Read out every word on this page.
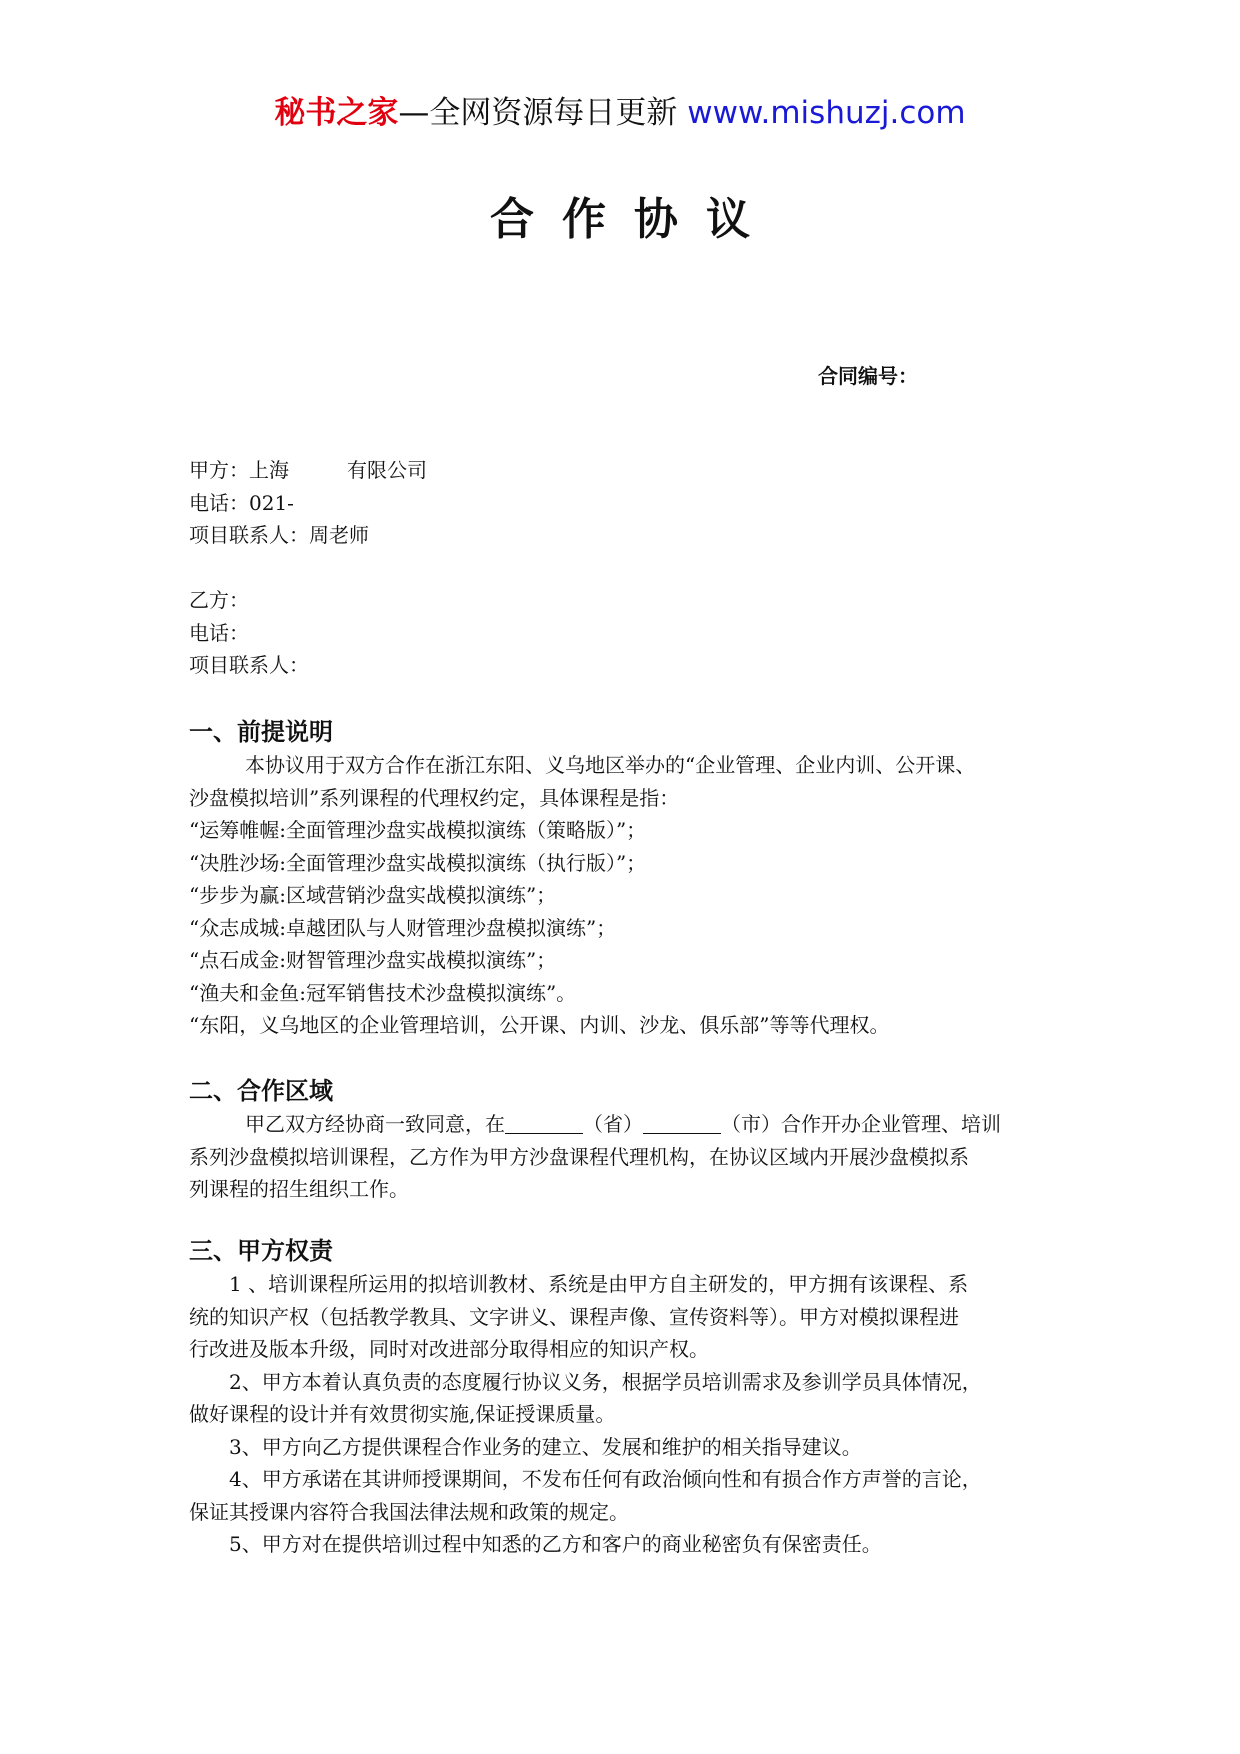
秘书之家—全网资源每日更新 www.mishuzj.com
合作协议
合同编号：
甲方：上海	有限公司
电话：021-
项目联系人：周老师
乙方：
电话：
项目联系人：
一、前提说明
本协议用于双方合作在浙江东阳、义乌地区举办的“企业管理、企业内训、公开课、
沙盘模拟培训”系列课程的代理权约定，具体课程是指：
“运筹帷幄:全面管理沙盘实战模拟演练（策略版）”；
“决胜沙场:全面管理沙盘实战模拟演练（执行版）”；
“步步为赢:区域营销沙盘实战模拟演练”；
“众志成城:卓越团队与人财管理沙盘模拟演练”；
“点石成金:财智管理沙盘实战模拟演练”；
“渔夫和金鱼:冠军销售技术沙盘模拟演练”。
“东阳，义乌地区的企业管理培训，公开课、内训、沙龙、俱乐部”等等代理权。
二、合作区域
甲乙双方经协商一致同意，在	（省）	（市）合作开办企业管理、培训
系列沙盘模拟培训课程，乙方作为甲方沙盘课程代理机构，在协议区域内开展沙盘模拟系
列课程的招生组织工作。
三、甲方权责
1 、培训课程所运用的拟培训教材、系统是由甲方自主研发的，甲方拥有该课程、系
统的知识产权（包括教学教具、文字讲义、课程声像、宣传资料等）。甲方对模拟课程进
行改进及版本升级，同时对改进部分取得相应的知识产权。
2、甲方本着认真负责的态度履行协议义务，根据学员培训需求及参训学员具体情况，
做好课程的设计并有效贯彻实施,保证授课质量。
3、甲方向乙方提供课程合作业务的建立、发展和维护的相关指导建议。
4、甲方承诺在其讲师授课期间，不发布任何有政治倾向性和有损合作方声誉的言论，
保证其授课内容符合我国法律法规和政策的规定。
5、甲方对在提供培训过程中知悉的乙方和客户的商业秘密负有保密责任。
